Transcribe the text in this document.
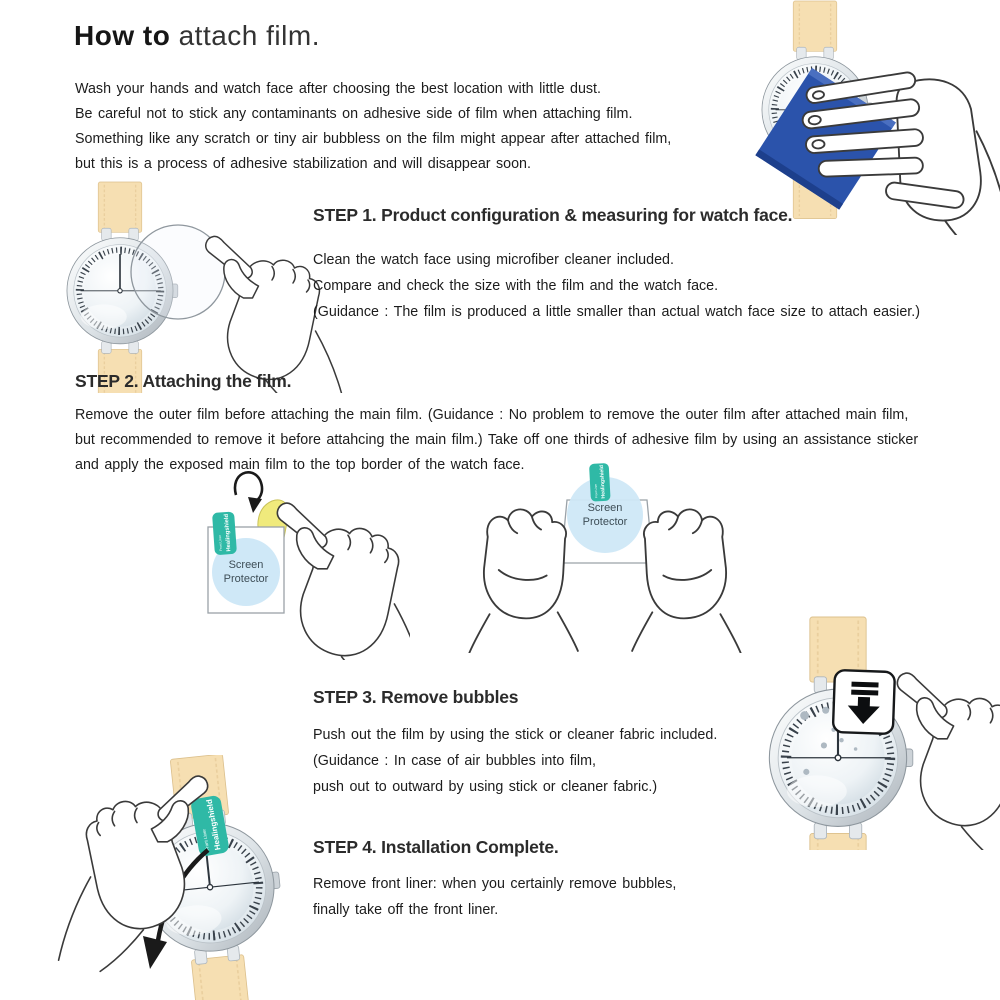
How to attach film.
Wash your hands and watch face after choosing the best location with little dust.
Be careful not to stick any contaminants on adhesive side of film when attaching film.
Something like any scratch or tiny air bubbless on the film might appear after attached film,
but this is a process of adhesive stabilization and will disappear soon.
STEP 1. Product configuration & measuring for watch face.
Clean the watch face using microfiber cleaner included.
Compare and check the size with the film and the watch face.
(Guidance : The film is produced a little smaller than actual watch face size to attach easier.)
STEP 2. Attaching the film.
Remove the outer film before attaching the main film. (Guidance : No problem to remove the outer film after attached main film,
but recommended to remove it before attahcing the main film.) Take off one thirds of adhesive film by using an assistance sticker
and apply the exposed main film to the top border of the watch face.
Screen
Protector
Screen
Protector
STEP 3. Remove bubbles
Push out the film by using the stick or cleaner fabric included.
(Guidance : In case of air bubbles into film,
push out to outward by using stick or cleaner fabric.)
STEP 4. Installation Complete.
Remove front liner: when you certainly remove bubbles,
finally take off the front liner.
